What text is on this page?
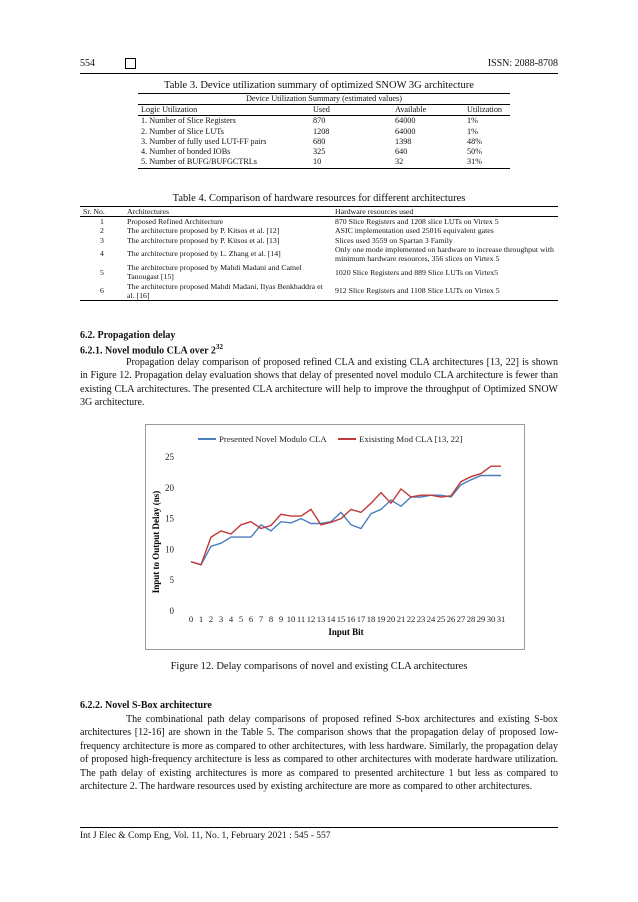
554	ISSN: 2088-8708
Table 3. Device utilization summary of optimized SNOW 3G architecture
Device Utilization Summary (estimated values)
Logic Utilization	Used	Available	Utilization
1. Number of Slice Registers	870	64000	1%
2. Number of Slice LUTs	1208	64000	1%
3. Number of fully used LUT-FF pairs	680	1398	48%
4. Number of bonded IOBs	325	640	50%
5. Number of BUFG/BUFGCTRLs	10	32	31%
Table 4. Comparison of hardware resources for different architectures
Sr. No.	Architectures	Hardware resources used
1	Proposed Refined Architecture	870 Slice Registers and 1208 slice LUTs on Virtex 5
2	The architecture proposed by P. Kitsos et al. [12]	ASIC implementation used 25016 equivalent gates
3	The architecture proposed by P. Kitsos et al. [13]	Slices used 3559 on Spartan 3 Family
4	The architecture proposed by L. Zhang et al. [14]	Only one mode implemented on hardware to increase throughput with minimum hardware resources, 356 slices on Virtex 5
5	The architecture proposed by Mahdi Madani and Camel Tanougast [15]	1020 Slice Registers and 889 Slice LUTs on Virtex5
6	The architecture proposed Mahdi Madani, Ilyas Benkhaddra et al. [16]	912 Slice Registers and 1108 Slice LUTs on Virtex 5
6.2. Propagation delay
6.2.1. Novel modulo CLA over $2^{32}$

Propagation delay comparison of proposed refined CLA and existing CLA architectures [13, 22] is shown in Figure 12. Propagation delay evaluation shows that delay of presented novel modulo CLA architecture is fewer than existing CLA architectures. The presented CLA architecture will help to improve the throughput of Optimized SNOW 3G architecture.

0
5
10
15
20
25
0 1 2 3 4 5 6 7 8 9 10 11 12 13 14 15 16 17 18 19 20 21 22 23 24 25 26 27 28 29 30 31
Input Bit
Input to Output Delay (ns)
Presented Novel Modulo CLA	Exisisting Mod CLA [13, 22]
Figure 12. Delay comparisons of novel and existing CLA architectures
6.2.2. Novel S-Box architecture

The combinational path delay comparisons of proposed refined S-box architectures and existing S-box architectures [12-16] are shown in the Table 5. The comparison shows that the propagation delay of proposed low-frequency architecture is more as compared to other architectures, with less hardware. Similarly, the propagation delay of proposed high-frequency architecture is less as compared to other architectures with moderate hardware utilization. The path delay of existing architectures is more as compared to presented architecture 1 but less as compared to architecture 2. The hardware resources used by existing architecture are more as compared to other architectures.

Int J Elec & Comp Eng, Vol. 11, No. 1, February 2021 : 545 - 557
